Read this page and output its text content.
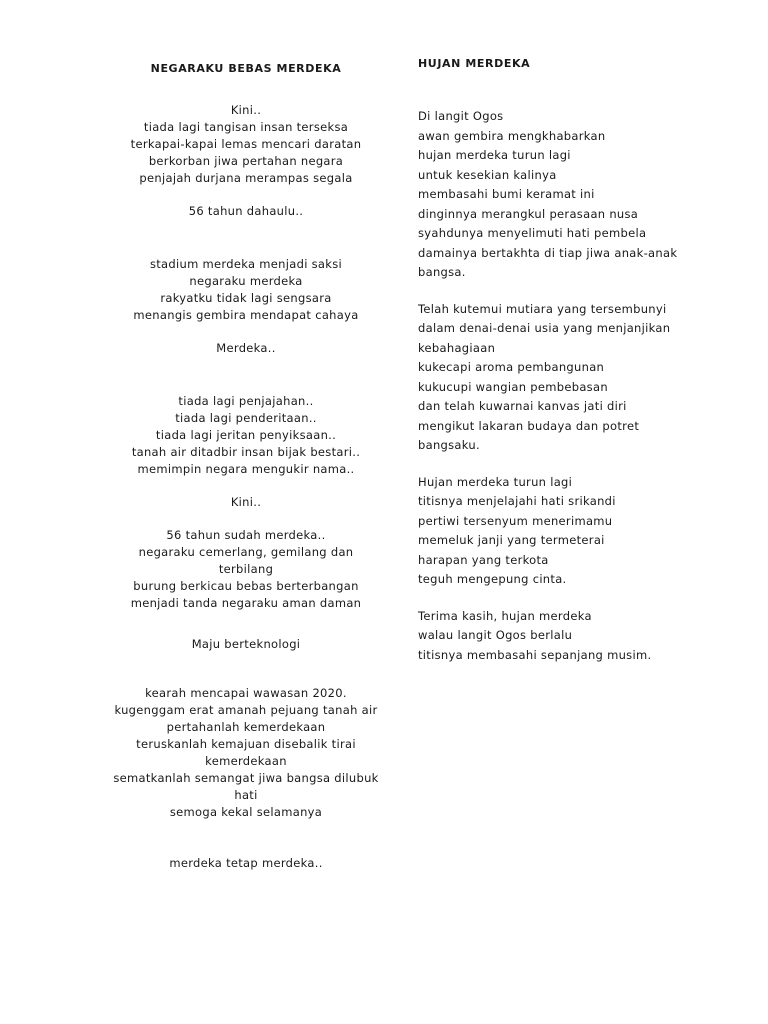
NEGARAKU BEBAS MERDEKA
Kini..
tiada lagi tangisan insan terseksa
terkapai-kapai lemas mencari daratan
berkorban jiwa pertahan negara
penjajah durjana merampas segala
56 tahun dahaulu..
stadium merdeka menjadi saksi
negaraku merdeka
rakyatku tidak lagi sengsara
menangis gembira mendapat cahaya
Merdeka..
tiada lagi penjajahan..
tiada lagi penderitaan..
tiada lagi jeritan penyiksaan..
tanah air ditadbir insan bijak bestari..
memimpin negara mengukir nama..
Kini..
56 tahun sudah merdeka..
negaraku cemerlang, gemilang dan terbilang
burung berkicau bebas berterbangan
menjadi tanda negaraku aman daman
Maju berteknologi
kearah mencapai wawasan 2020.
kugenggam erat amanah pejuang tanah air
pertahanlah kemerdekaan
teruskanlah kemajuan disebalik tirai kemerdekaan
sematkanlah semangat jiwa bangsa dilubuk hati
semoga kekal selamanya
merdeka tetap merdeka..
HUJAN MERDEKA
Di langit Ogos
awan gembira mengkhabarkan
hujan merdeka turun lagi
untuk kesekian kalinya
membasahi bumi keramat ini
dinginnya merangkul perasaan nusa
syahdunya menyelimuti hati pembela
damainya bertakhta di tiap jiwa anak-anak
bangsa.
Telah kutemui mutiara yang tersembunyi
dalam denai-denai usia yang menjanjikan
kebahagiaan
kukecapi aroma pembangunan
kukucupi wangian pembebasan
dan telah kuwarnai kanvas jati diri
mengikut lakaran budaya dan potret
bangsaku.
Hujan merdeka turun lagi
titisnya menjelajahi hati srikandi
pertiwi tersenyum menerimamu
memeluk janji yang termeterai
harapan yang terkota
teguh mengepung cinta.
Terima kasih, hujan merdeka
walau langit Ogos berlalu
titisnya membasahi sepanjang musim.
